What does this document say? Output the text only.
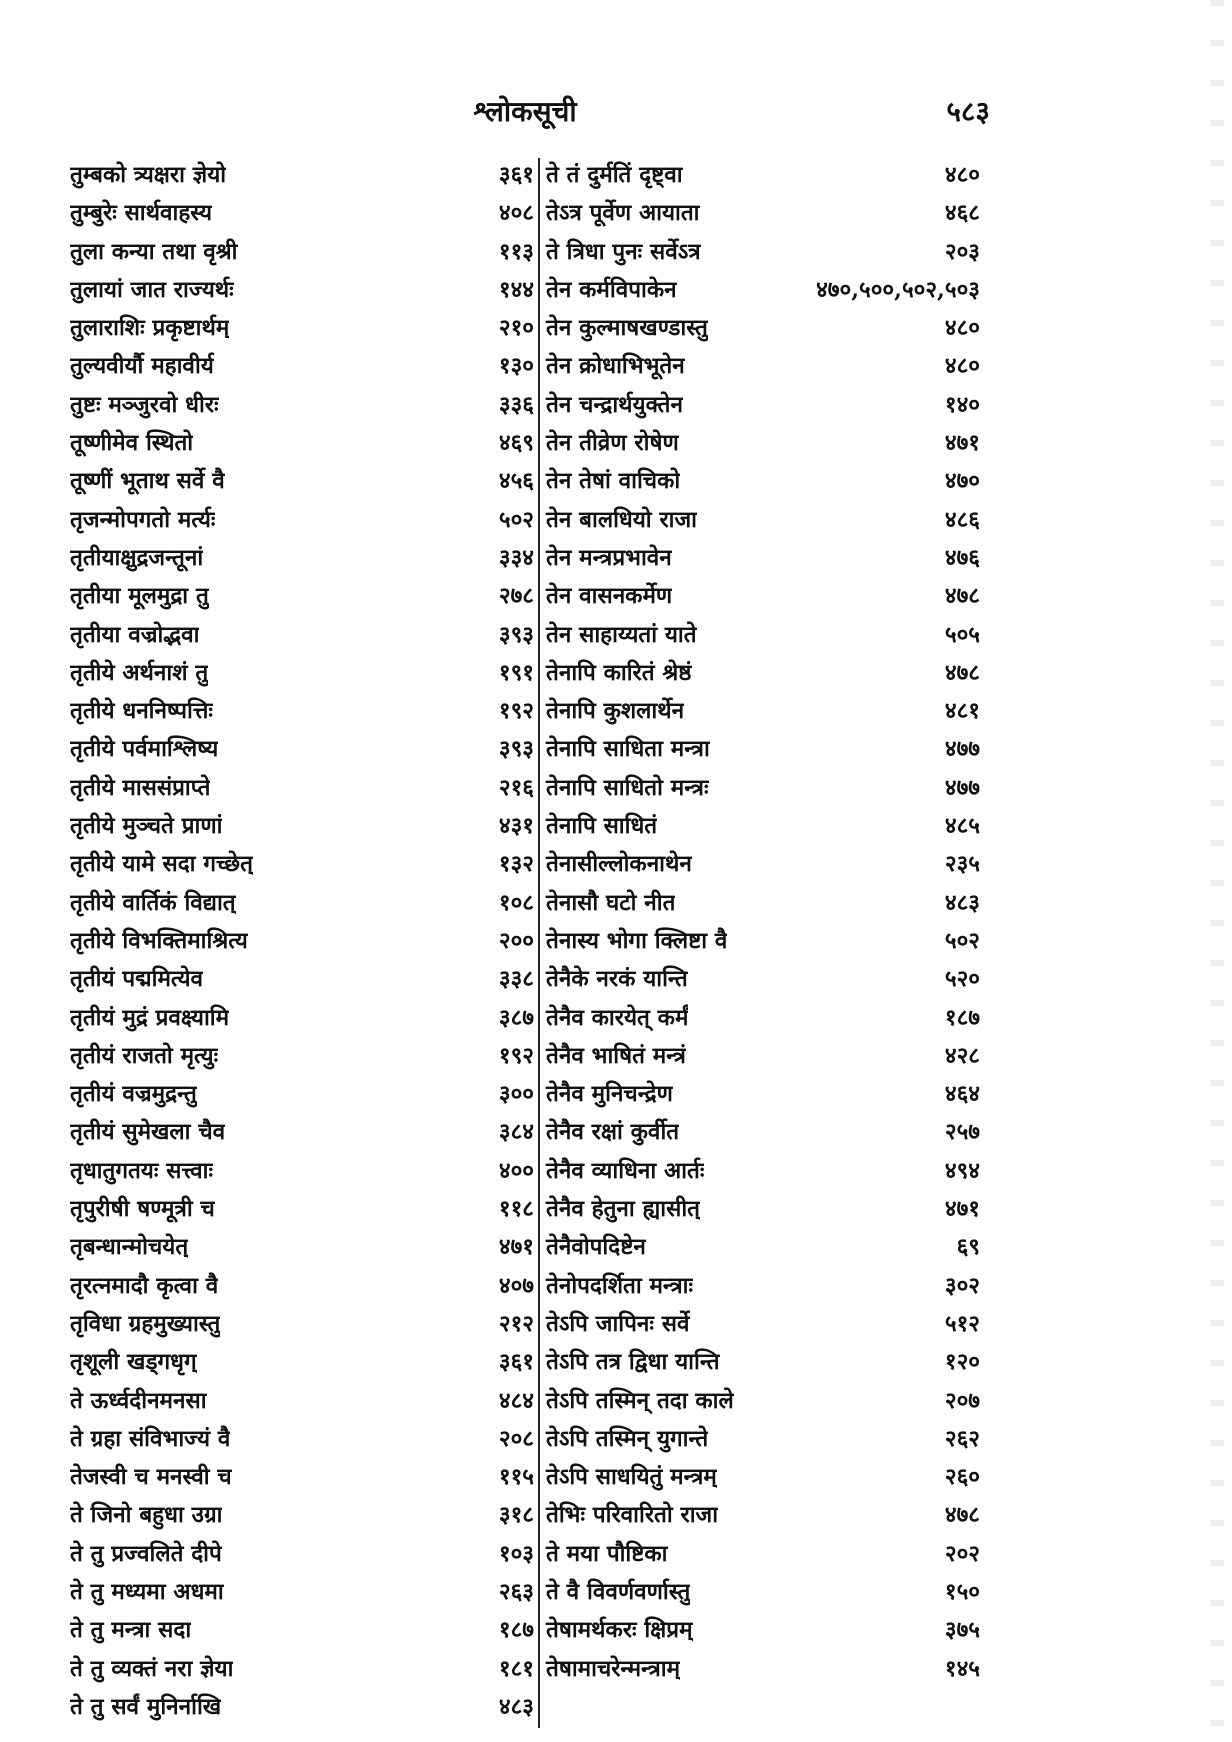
श्लोकसूची	५८३
तुम्बको त्र्यक्षरा ज्ञेयो	३६१
तुम्बुरेः सार्थवाहस्य	४०८
तुला कन्या तथा वृश्री	११३
तुलायां जात राज्यर्थः	१४४
तुलाराशिः प्रकृष्टार्थम्	२१०
तुल्यवीर्यौ महावीर्य	१३०
तुष्टः मञ्जुरवो धीरः	३३६
तूष्णीमेव स्थितो	४६९
तूष्णीं भूताथ सर्वे वै	४५६
तृजन्मोपगतो मर्त्यः	५०२
तृतीयाक्षुद्रजन्तूनां	३३४
तृतीया मूलमुद्रा तु	२७८
तृतीया वज्रोद्भवा	३९३
तृतीये अर्थनाशं तु	१९१
तृतीये धननिष्पत्तिः	१९२
तृतीये पर्वमाश्लिष्य	३९३
तृतीये माससंप्राप्ते	२१६
तृतीये मुञ्चते प्राणां	४३१
तृतीये यामे सदा गच्छेत्	१३२
तृतीये वार्तिकं विद्यात्	१०८
तृतीये विभक्तिमाश्रित्य	२००
तृतीयं पद्ममित्येव	३३८
तृतीयं मुद्रं प्रवक्ष्यामि	३८७
तृतीयं राजतो मृत्युः	१९२
तृतीयं वज्रमुद्रन्तु	३००
तृतीयं सुमेखला चैव	३८४
तृधातुगतयः सत्त्वाः	४००
तृपुरीषी षण्मूत्री च	११८
तृबन्धान्मोचयेत्	४७१
तृरत्नमादौ कृत्वा वै	४०७
तृविधा ग्रहमुख्यास्तु	२१२
तृशूली खड्गधृग्	३६१
ते ऊर्ध्वदीनमनसा	४८४
ते ग्रहा संविभाज्यं वै	२०८
तेजस्वी च मनस्वी च	११५
ते जिनो बहुधा उग्रा	३१८
ते तु प्रज्वलिते दीपे	१०३
ते तु मध्यमा अधमा	२६३
ते तु मन्त्रा सदा	१८७
ते तु व्यक्तं नरा ज्ञेया	१८१
ते तु सर्वं मुनिर्नाखि	४८३
ते तं दुर्मतिं दृष्ट्वा	४८०
तेऽत्र पूर्वेण आयाता	४६८
ते त्रिधा पुनः सर्वेऽत्र	२०३
तेन कर्मविपाकेन	४७०,५००,५०२,५०३
तेन कुल्माषखण्डास्तु	४८०
तेन क्रोधाभिभूतेन	४८०
तेन चन्द्रार्थयुक्तेन	१४०
तेन तीव्रेण रोषेण	४७१
तेन तेषां वाचिको	४७०
तेन बालधियो राजा	४८६
तेन मन्त्रप्रभावेन	४७६
तेन वासनकर्मेण	४७८
तेन साहाय्यतां याते	५०५
तेनापि कारितं श्रेष्ठं	४७८
तेनापि कुशलार्थेन	४८१
तेनापि साधिता मन्त्रा	४७७
तेनापि साधितो मन्त्रः	४७७
तेनापि साधितं	४८५
तेनासील्लोकनाथेन	२३५
तेनासौ घटो नीत	४८३
तेनास्य भोगा क्लिष्टा वै	५०२
तेनैके नरकं यान्ति	५२०
तेनैव कारयेत् कर्मं	१८७
तेनैव भाषितं मन्त्रं	४२८
तेनैव मुनिचन्द्रेण	४६४
तेनैव रक्षां कुर्वीत	२५७
तेनैव व्याधिना आर्तः	४९४
तेनैव हेतुना ह्यासीत्	४७१
तेनैवोपदिष्टेन	६९
तेनोपदर्शिता मन्त्राः	३०२
तेऽपि जापिनः सर्वे	५१२
तेऽपि तत्र द्विधा यान्ति	१२०
तेऽपि तस्मिन् तदा काले	२०७
तेऽपि तस्मिन् युगान्ते	२६२
तेऽपि साधयितुं मन्त्रम्	२६०
तेभिः परिवारितो राजा	४७८
ते मया पौष्टिका	२०२
ते वै विवर्णवर्णास्तु	१५०
तेषामर्थकरः क्षिप्रम्	३७५
तेषामाचरेन्मन्त्राम्	१४५
